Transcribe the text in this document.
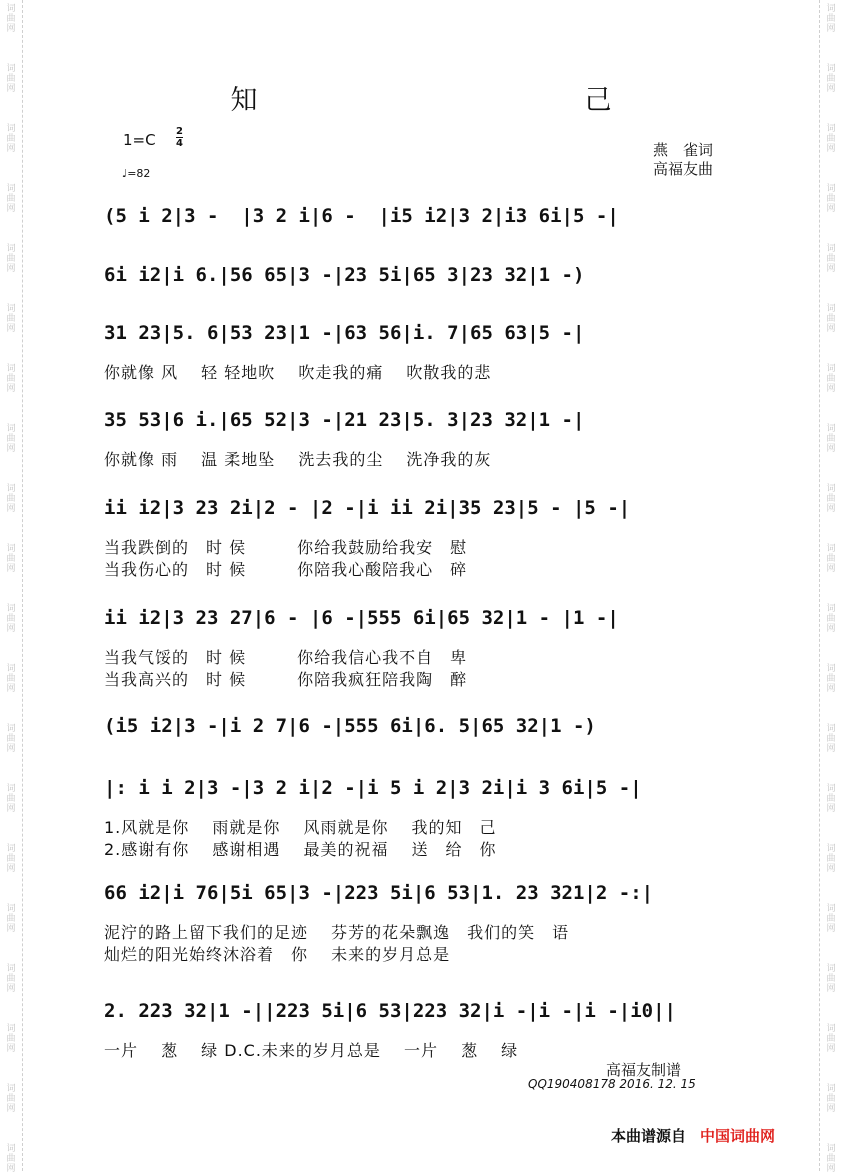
知　己
1=C 2
4
♩=82
燕　雀词
高福友曲
(5 i 2|3 -  |3 2 i|6 -  |i5 i2|3 2|i3 6i|5 -|
6i i2|i 6.|56 65|3 -|23 5i|65 3|23 32|1 -)
31 23|5. 6|53 23|1 -|63 56|i. 7|65 63|5 -|
你就像 风　 轻 轻地吹　 吹走我的痛　 吹散我的悲
35 53|6 i.|65 52|3 -|21 23|5. 3|23 32|1 -|
你就像 雨　 温 柔地坠　 洗去我的尘　 洗净我的灰
ii i2|3 23 2i|2 - |2 -|i ii 2i|35 23|5 - |5 -|
当我跌倒的　时 侯　　　你给我鼓励给我安　慰
当我伤心的　时 候　　　你陪我心酸陪我心　碎
ii i2|3 23 27|6 - |6 -|555 6i|65 32|1 - |1 -|
当我气馁的　时 候　　　你给我信心我不自　卑
当我高兴的　时 候　　　你陪我疯狂陪我陶　醉
(i5 i2|3 -|i 2 7|6 -|555 6i|6. 5|65 32|1 -)
|: i i 2|3 -|3 2 i|2 -|i 5 i 2|3 2i|i 3 6i|5 -|
1.风就是你　 雨就是你　 风雨就是你　 我的知　己
2.感谢有你　 感谢相遇　 最美的祝福　 送　给　你
66 i2|i 76|5i 65|3 -|223 5i|6 53|1. 23 321|2 -:|
泥泞的路上留下我们的足迹　 芬芳的花朵飘逸　我们的笑　语
灿烂的阳光始终沐浴着　你　 未来的岁月总是
2. 223 32|1 -||223 5i|6 53|223 32|i -|i -|i -|i0||
一片　 葱　 绿 D.C.未来的岁月总是　 一片　 葱　 绿
高福友制谱
QQ190408178 2016. 12. 15
本曲谱源自 中国词曲网
词
曲
网
词
曲
网
词
曲
网
词
曲
网
词
曲
网
词
曲
网
词
曲
网
词
曲
网
词
曲
网
词
曲
网
词
曲
网
词
曲
网
词
曲
网
词
曲
网
词
曲
网
词
曲
网
词
曲
网
词
曲
网
词
曲
网
词
曲
网
词
曲
网
词
曲
网
词
曲
网
词
曲
网
词
曲
网
词
曲
网
词
曲
网
词
曲
网
词
曲
网
词
曲
网
词
曲
网
词
曲
网
词
曲
网
词
曲
网
词
曲
网
词
曲
网
词
曲
网
词
曲
网
词
曲
网
词
曲
网
